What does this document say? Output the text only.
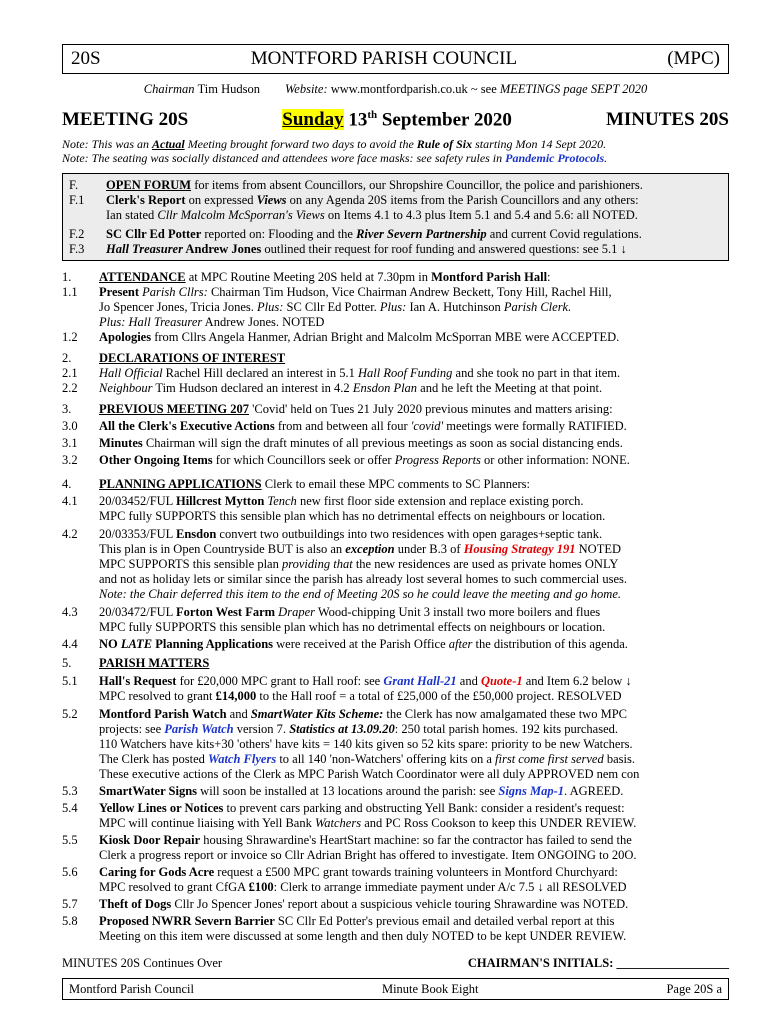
20S	MONTFORD PARISH COUNCIL	(MPC)
Chairman Tim Hudson Website: www.montfordparish.co.uk ~ see MEETINGS page SEPT 2020
MEETING 20S	Sunday 13th September 2020	MINUTES 20S
Note: This was an Actual Meeting brought forward two days to avoid the Rule of Six starting Mon 14 Sept 2020.
Note: The seating was socially distanced and attendees wore face masks: see safety rules in Pandemic Protocols.
F.	OPEN FORUM for items from absent Councillors, our Shropshire Councillor, the police and parishioners.
F.1	Clerk's Report on expressed Views on any Agenda 20S items from the Parish Councillors and any others:
Ian stated Cllr Malcolm McSporran's Views on Items 4.1 to 4.3 plus Item 5.1 and 5.4 and 5.6: all NOTED.
F.2	SC Cllr Ed Potter reported on: Flooding and the River Severn Partnership and current Covid regulations.
F.3	Hall Treasurer Andrew Jones outlined their request for roof funding and answered questions: see 5.1 ↓
1.	ATTENDANCE at MPC Routine Meeting 20S held at 7.30pm in Montford Parish Hall:
1.1	Present Parish Cllrs: Chairman Tim Hudson, Vice Chairman Andrew Beckett, Tony Hill, Rachel Hill,
Jo Spencer Jones, Tricia Jones. Plus: SC Cllr Ed Potter. Plus: Ian A. Hutchinson Parish Clerk.
Plus: Hall Treasurer Andrew Jones. NOTED
1.2	Apologies from Cllrs Angela Hanmer, Adrian Bright and Malcolm McSporran MBE were ACCEPTED.
2.	DECLARATIONS OF INTEREST
2.1	Hall Official Rachel Hill declared an interest in 5.1 Hall Roof Funding and she took no part in that item.
2.2	Neighbour Tim Hudson declared an interest in 4.2 Ensdon Plan and he left the Meeting at that point.
3.	PREVIOUS MEETING 207 'Covid' held on Tues 21 July 2020 previous minutes and matters arising:
3.0	All the Clerk's Executive Actions from and between all four 'covid' meetings were formally RATIFIED.
3.1	Minutes Chairman will sign the draft minutes of all previous meetings as soon as social distancing ends.
3.2	Other Ongoing Items for which Councillors seek or offer Progress Reports or other information: NONE.
4.	PLANNING APPLICATIONS Clerk to email these MPC comments to SC Planners:
4.1	20/03452/FUL Hillcrest Mytton Tench new first floor side extension and replace existing porch.
MPC fully SUPPORTS this sensible plan which has no detrimental effects on neighbours or location.
4.2	20/03353/FUL Ensdon convert two outbuildings into two residences with open garages+septic tank.
This plan is in Open Countryside BUT is also an exception under B.3 of Housing Strategy 191 NOTED
MPC SUPPORTS this sensible plan providing that the new residences are used as private homes ONLY
and not as holiday lets or similar since the parish has already lost several homes to such commercial uses.
Note: the Chair deferred this item to the end of Meeting 20S so he could leave the meeting and go home.
4.3	20/03472/FUL Forton West Farm Draper Wood-chipping Unit 3 install two more boilers and flues
MPC fully SUPPORTS this sensible plan which has no detrimental effects on neighbours or location.
4.4	NO LATE Planning Applications were received at the Parish Office after the distribution of this agenda.
5.	PARISH MATTERS
5.1	Hall's Request for £20,000 MPC grant to Hall roof: see Grant Hall-21 and Quote-1 and Item 6.2 below ↓
MPC resolved to grant £14,000 to the Hall roof = a total of £25,000 of the £50,000 project. RESOLVED
5.2	Montford Parish Watch and SmartWater Kits Scheme: the Clerk has now amalgamated these two MPC
projects: see Parish Watch version 7. Statistics at 13.09.20: 250 total parish homes. 192 kits purchased.
110 Watchers have kits+30 'others' have kits = 140 kits given so 52 kits spare: priority to be new Watchers.
The Clerk has posted Watch Flyers to all 140 'non-Watchers' offering kits on a first come first served basis.
These executive actions of the Clerk as MPC Parish Watch Coordinator were all duly APPROVED nem con
5.3	SmartWater Signs will soon be installed at 13 locations around the parish: see Signs Map-1. AGREED.
5.4	Yellow Lines or Notices to prevent cars parking and obstructing Yell Bank: consider a resident's request:
MPC will continue liaising with Yell Bank Watchers and PC Ross Cookson to keep this UNDER REVIEW.
5.5	Kiosk Door Repair housing Shrawardine's HeartStart machine: so far the contractor has failed to send the
Clerk a progress report or invoice so Cllr Adrian Bright has offered to investigate. Item ONGOING to 20O.
5.6	Caring for Gods Acre request a £500 MPC grant towards training volunteers in Montford Churchyard:
MPC resolved to grant CfGA £100: Clerk to arrange immediate payment under A/c 7.5 ↓ all RESOLVED
5.7	Theft of Dogs Cllr Jo Spencer Jones' report about a suspicious vehicle touring Shrawardine was NOTED.
5.8	Proposed NWRR Severn Barrier SC Cllr Ed Potter's previous email and detailed verbal report at this
Meeting on this item were discussed at some length and then duly NOTED to be kept UNDER REVIEW.
MINUTES 20S Continues Over	CHAIRMAN'S INITIALS: __________________
Montford Parish Council	Minute Book Eight	Page 20S a
